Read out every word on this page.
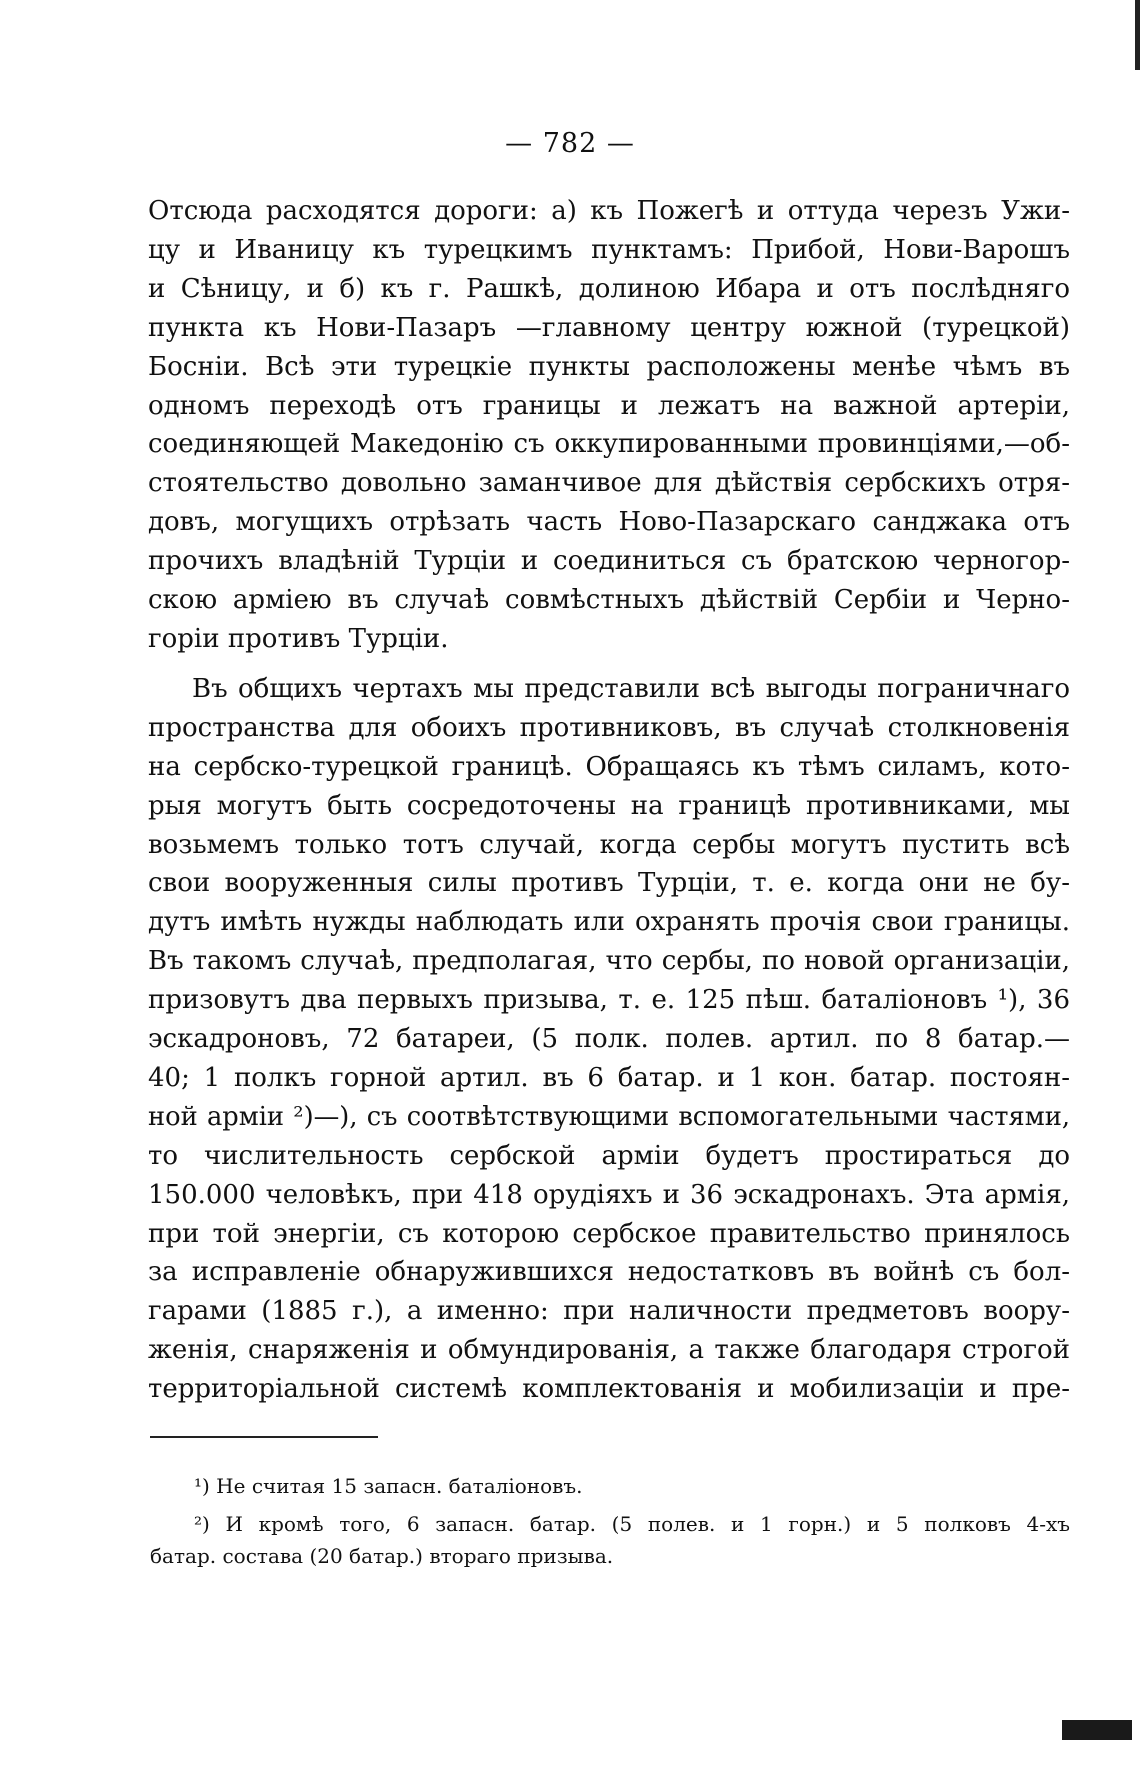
— 782 —

Отсюда расходятся дороги: а) къ Пожегѣ и оттуда черезъ Ужи-
цу и Иваницу къ турецкимъ пунктамъ: Прибой, Нови-Варошъ
и Сѣницу, и б) къ г. Рашкѣ, долиною Ибара и отъ послѣдняго
пункта къ Нови-Пазаръ —главному центру южной (турецкой)
Босніи. Всѣ эти турецкіе пункты расположены менѣе чѣмъ въ
одномъ переходѣ отъ границы и лежатъ на важной артеріи,
соединяющей Македонію съ оккупированными провинціями,—об-
стоятельство довольно заманчивое для дѣйствія сербскихъ отря-
довъ, могущихъ отрѣзать часть Ново-Пазарскаго санджака отъ
прочихъ владѣній Турціи и соединиться съ братскою черногор-
скою арміею въ случаѣ совмѣстныхъ дѣйствій Сербіи и Черно-
горіи противъ Турціи.

Въ общихъ чертахъ мы представили всѣ выгоды пограничнаго
пространства для обоихъ противниковъ, въ случаѣ столкновенія
на сербско-турецкой границѣ. Обращаясь къ тѣмъ силамъ, кото-
рыя могутъ быть сосредоточены на границѣ противниками, мы
возьмемъ только тотъ случай, когда сербы могутъ пустить всѣ
свои вооруженныя силы противъ Турціи, т. е. когда они не бу-
дутъ имѣть нужды наблюдать или охранять прочія свои границы.
Въ такомъ случаѣ, предполагая, что сербы, по новой организаціи,
призовутъ два первыхъ призыва, т. е. 125 пѣш. баталіоновъ ¹), 36
эскадроновъ, 72 батареи, (5 полк. полев. артил. по 8 батар.—
40; 1 полкъ горной артил. въ 6 батар. и 1 кон. батар. постоян-
ной арміи ²)—), съ соотвѣтствующими вспомогательными частями,
то числительность сербской арміи будетъ простираться до
150.000 человѣкъ, при 418 орудіяхъ и 36 эскадронахъ. Эта армія,
при той энергіи, съ которою сербское правительство принялось
за исправленіе обнаружившихся недостатковъ въ войнѣ съ бол-
гарами (1885 г.), а именно: при наличности предметовъ воору-
женія, снаряженія и обмундированія, а также благодаря строгой
территоріальной системѣ комплектованія и мобилизаціи и пре-

¹) Не считая 15 запасн. баталіоновъ.

²) И кромѣ того, 6 запасн. батар. (5 полев. и 1 горн.) и 5 полковъ 4-хъ
батар. состава (20 батар.) втораго призыва.
